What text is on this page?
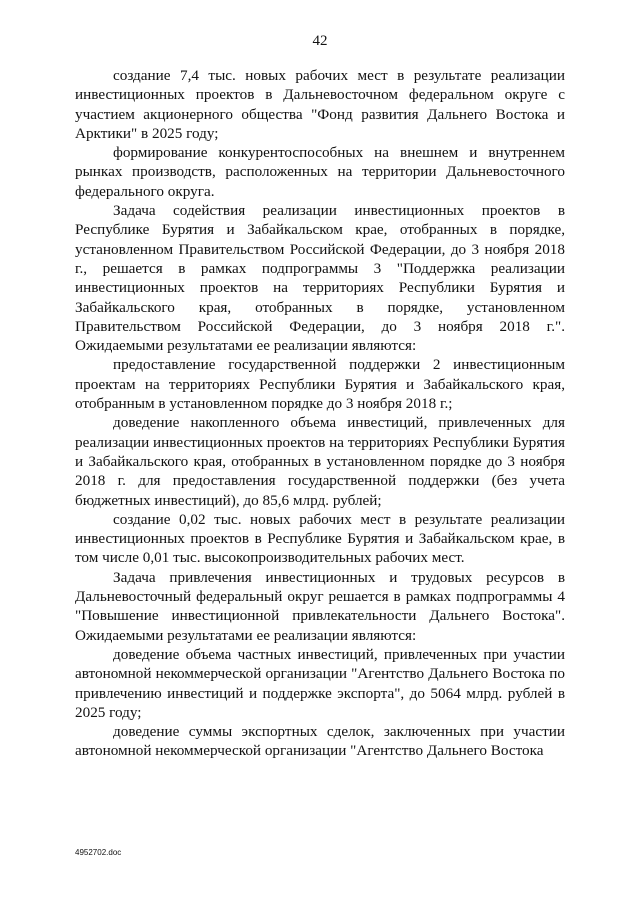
42

создание 7,4 тыс. новых рабочих мест в результате реализации инвестиционных проектов в Дальневосточном федеральном округе с участием акционерного общества "Фонд развития Дальнего Востока и Арктики" в 2025 году;

формирование конкурентоспособных на внешнем и внутреннем рынках производств, расположенных на территории Дальневосточного федерального округа.

Задача содействия реализации инвестиционных проектов в Республике Бурятия и Забайкальском крае, отобранных в порядке, установленном Правительством Российской Федерации, до 3 ноября 2018 г., решается в рамках подпрограммы 3 "Поддержка реализации инвестиционных проектов на территориях Республики Бурятия и Забайкальского края, отобранных в порядке, установленном Правительством Российской Федерации, до 3 ноября 2018 г.". Ожидаемыми результатами ее реализации являются:

предоставление государственной поддержки 2 инвестиционным проектам на территориях Республики Бурятия и Забайкальского края, отобранным в установленном порядке до 3 ноября 2018 г.;

доведение накопленного объема инвестиций, привлеченных для реализации инвестиционных проектов на территориях Республики Бурятия и Забайкальского края, отобранных в установленном порядке до 3 ноября 2018 г. для предоставления государственной поддержки (без учета бюджетных инвестиций), до 85,6 млрд. рублей;

создание 0,02 тыс. новых рабочих мест в результате реализации инвестиционных проектов в Республике Бурятия и Забайкальском крае, в том числе 0,01 тыс. высокопроизводительных рабочих мест.

Задача привлечения инвестиционных и трудовых ресурсов в Дальневосточный федеральный округ решается в рамках подпрограммы 4 "Повышение инвестиционной привлекательности Дальнего Востока". Ожидаемыми результатами ее реализации являются:

доведение объема частных инвестиций, привлеченных при участии автономной некоммерческой организации "Агентство Дальнего Востока по привлечению инвестиций и поддержке экспорта", до 5064 млрд. рублей в 2025 году;

доведение суммы экспортных сделок, заключенных при участии автономной некоммерческой организации "Агентство Дальнего Востока

4952702.doc
